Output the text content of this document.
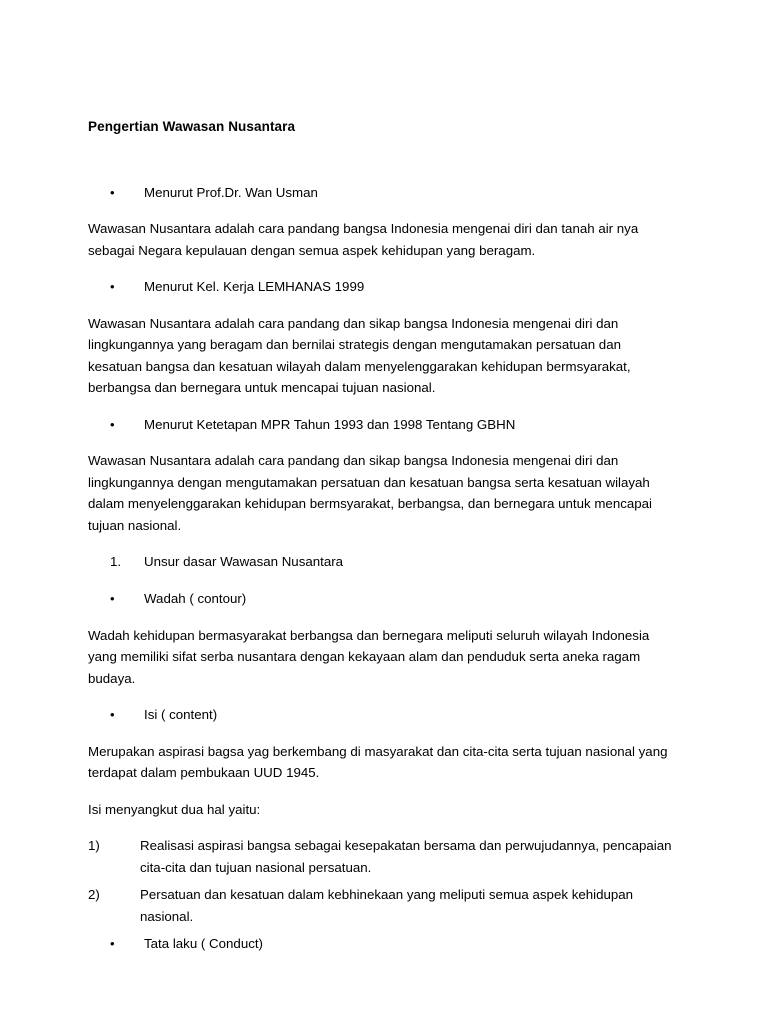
Pengertian Wawasan Nusantara
•	Menurut Prof.Dr. Wan Usman

Wawasan Nusantara adalah cara pandang bangsa Indonesia mengenai diri dan tanah air nya sebagai Negara kepulauan dengan semua aspek kehidupan yang beragam.

•	Menurut Kel. Kerja LEMHANAS 1999

Wawasan Nusantara adalah cara pandang dan sikap bangsa Indonesia mengenai diri dan lingkungannya yang beragam dan bernilai strategis dengan mengutamakan persatuan dan kesatuan bangsa dan kesatuan wilayah dalam menyelenggarakan kehidupan bermsyarakat, berbangsa dan bernegara untuk mencapai tujuan nasional.

•	Menurut Ketetapan MPR Tahun 1993 dan 1998 Tentang GBHN

Wawasan Nusantara adalah cara pandang dan sikap bangsa Indonesia mengenai diri dan lingkungannya dengan mengutamakan persatuan dan kesatuan bangsa serta kesatuan wilayah dalam menyelenggarakan kehidupan bermsyarakat, berbangsa, dan bernegara untuk mencapai tujuan nasional.

1.	Unsur dasar Wawasan Nusantara
•	Wadah ( contour)

Wadah kehidupan bermasyarakat berbangsa dan bernegara meliputi seluruh wilayah Indonesia yang memiliki sifat serba nusantara dengan kekayaan alam dan penduduk serta aneka ragam budaya.

•	Isi ( content)

Merupakan aspirasi bagsa yag berkembang di masyarakat dan cita-cita serta tujuan nasional yang terdapat dalam pembukaan UUD 1945.

Isi menyangkut dua hal yaitu:

1)	Realisasi aspirasi bangsa sebagai kesepakatan bersama dan perwujudannya, pencapaian cita-cita dan tujuan nasional persatuan.
2)	Persatuan dan kesatuan dalam kebhinekaan yang meliputi semua aspek kehidupan nasional.
•	Tata laku ( Conduct)
